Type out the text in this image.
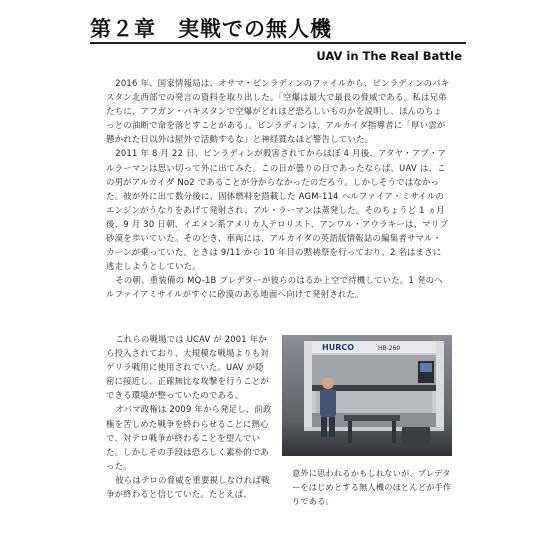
第２章　実戦での無人機
UAV in The Real Battle

2016 年、国家情報局は、オサマ・ビンラディンのファイルから、ビンラディンのパキスタン北西部での発言の資料を取り出した。「空爆は最大で最長の脅威である。私は兄弟たちに、アフガン・パキスタンで空爆がどれほど恐ろしいものかを説明し、ほんのちょっとの油断で命を落とすことがある」。ビンラディンは、アルカイダ指導者に「厚い雲が懸かれた日以外は屋外で活動するな」と神経質なほど警告していた。

2011 年 8 月 22 日、ビンラディンが殺害されてからほぼ 4 月後、アタヤ・アブ・アルラーマンは思い切って外に出てみた。この日が曇りの日であったならば、UAV は、この男がアルカイダ No2 であることが分からなかったのだろう。しかしそうではなかった。彼が外に出て数分後に、固体燃料を搭載した AGM-114 ヘルファイア・ミサイルのエンジンがうなりをあげて発射され、アル・ラーマンは蒸発した。そのちょうど 1 ヵ月後、9 月 30 日朝、イエメン系アメリカ人テロリスト、アンワル・アウラキーは、マリブ砂漠を歩いていた。そのとき、車両には、アルカイダの英語版情報誌の編集者サマル・カーンが乗っていた。ときは 9/11 から 10 年目の黙祷祭を行っており、2 名はまさに逃走しようとしていた。

その朝、重装備の MQ-1B プレデターが彼らのはるか上空で待機していた。1 発のヘルファイアミサイルがすぐに砂漠のある地面へ向けて発射された。

これらの戦場では UCAV が 2001 年から投入されており、大規模な戦場よりも対ゲリラ戦用に使用されていた。UAV が隠密に接近し、正確無比な攻撃を行うことができる環境が整っていたのである。

オバマ政権は 2009 年から発足し、前政権を苦しめた戦争を終わらせることに熱心で、対テロ戦争が終わることを望んでいた。しかしその手段は恐ろしく素朴的であった。

彼らはテロの脅威を重要視しなければ戦争が終わると信じていた。たとえば、

HURCO	HB-260
意外に思われるかもしれないが、プレデターをはじめとする無人機のほとんどが手作りである。
